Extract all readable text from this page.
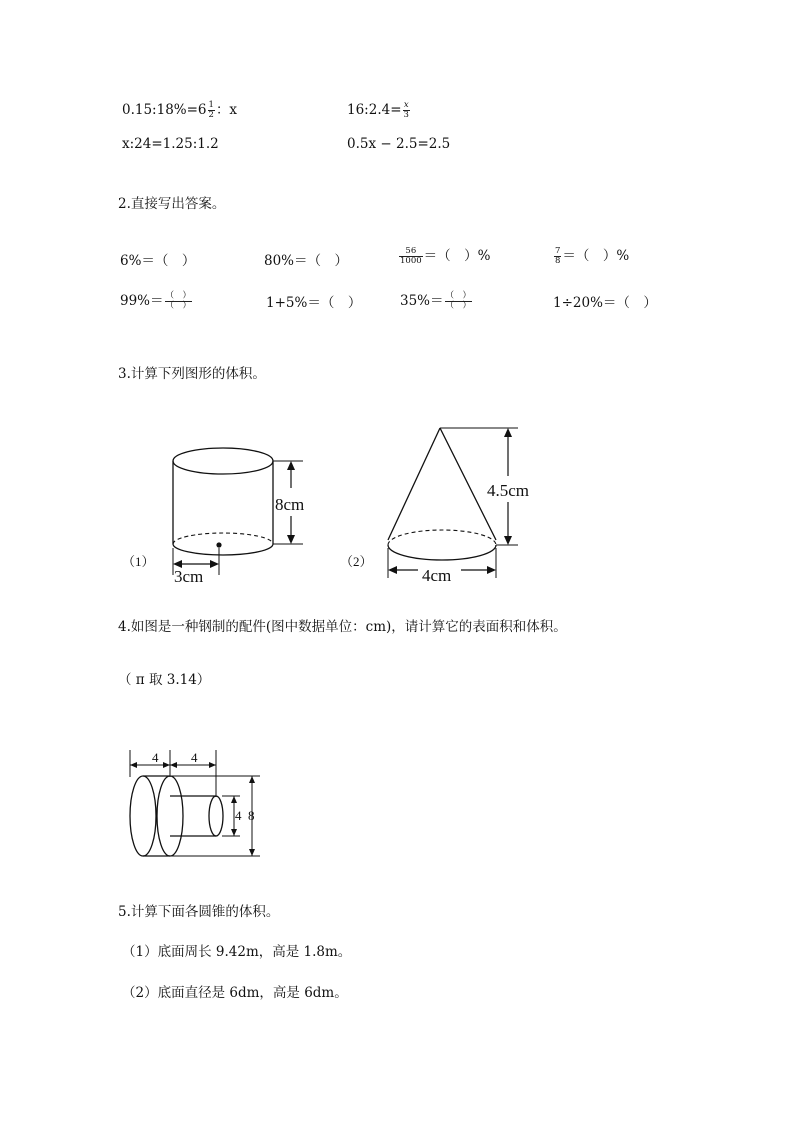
0.15:18%=6 $\frac{1}{2}$ ：x	16:2.4= $\frac{x}{3}$
x:24=1.25:1.2	0.5x − 2.5=2.5
2.直接写出答案。
6%＝（　）	80%＝（　）	$\frac{56}{1000}$ ＝（　）%	$\frac{7}{8}$ ＝（　）%
$99\%= \frac{( )}{( )}$	1+5%＝（　）	$35\%= \frac{( )}{( )}$	1÷20%＝（　）
3.计算下列图形的体积。
8cm
3cm
（1）
4.5cm
4cm
（2）
4.如图是一种钢制的配件(图中数据单位：cm)，请计算它的表面积和体积。
（ π 取 3.14）
4	4
4 8
5.计算下面各圆锥的体积。
（1）底面周长 9.42m，高是 1.8m。
（2）底面直径是 6dm，高是 6dm。
